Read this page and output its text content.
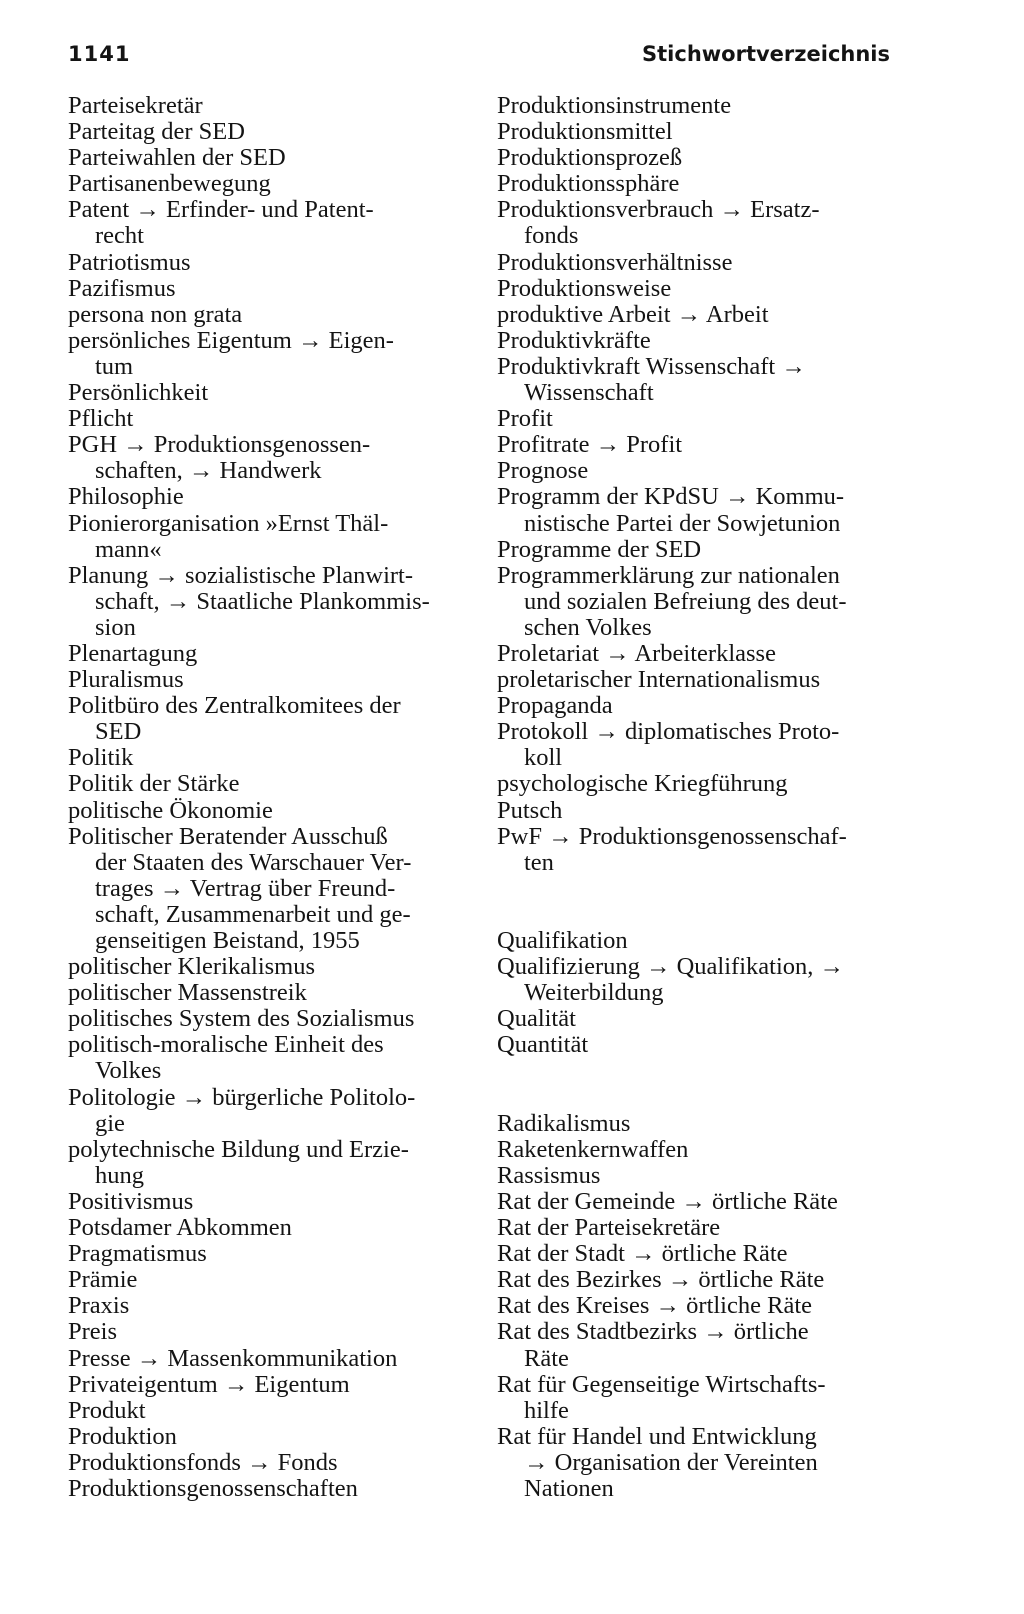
1141	Stichwortverzeichnis
Parteisekretär
Parteitag der SED
Parteiwahlen der SED
Partisanenbewegung
Patent → Erfinder- und Patent-
recht
Patriotismus
Pazifismus
persona non grata
persönliches Eigentum → Eigen-
tum
Persönlichkeit
Pflicht
PGH → Produktionsgenossen-
schaften, → Handwerk
Philosophie
Pionierorganisation »Ernst Thäl-
mann«
Planung → sozialistische Planwirt-
schaft, → Staatliche Plankommis-
sion
Plenartagung
Pluralismus
Politbüro des Zentralkomitees der
SED
Politik
Politik der Stärke
politische Ökonomie
Politischer Beratender Ausschuß
der Staaten des Warschauer Ver-
trages → Vertrag über Freund-
schaft, Zusammenarbeit und ge-
genseitigen Beistand, 1955
politischer Klerikalismus
politischer Massenstreik
politisches System des Sozialismus
politisch-moralische Einheit des
Volkes
Politologie → bürgerliche Politolo-
gie
polytechnische Bildung und Erzie-
hung
Positivismus
Potsdamer Abkommen
Pragmatismus
Prämie
Praxis
Preis
Presse → Massenkommunikation
Privateigentum → Eigentum
Produkt
Produktion
Produktionsfonds → Fonds
Produktionsgenossenschaften
Produktionsinstrumente
Produktionsmittel
Produktionsprozeß
Produktionssphäre
Produktionsverbrauch → Ersatz-
fonds
Produktionsverhältnisse
Produktionsweise
produktive Arbeit → Arbeit
Produktivkräfte
Produktivkraft Wissenschaft →
Wissenschaft
Profit
Profitrate → Profit
Prognose
Programm der KPdSU → Kommu-
nistische Partei der Sowjetunion
Programme der SED
Programmerklärung zur nationalen
und sozialen Befreiung des deut-
schen Volkes
Proletariat → Arbeiterklasse
proletarischer Internationalismus
Propaganda
Protokoll → diplomatisches Proto-
koll
psychologische Kriegführung
Putsch
PwF → Produktionsgenossenschaf-
ten
Qualifikation
Qualifizierung → Qualifikation, →
Weiterbildung
Qualität
Quantität
Radikalismus
Raketenkernwaffen
Rassismus
Rat der Gemeinde → örtliche Räte
Rat der Parteisekretäre
Rat der Stadt → örtliche Räte
Rat des Bezirkes → örtliche Räte
Rat des Kreises → örtliche Räte
Rat des Stadtbezirks → örtliche
Räte
Rat für Gegenseitige Wirtschafts-
hilfe
Rat für Handel und Entwicklung
→ Organisation der Vereinten
Nationen
